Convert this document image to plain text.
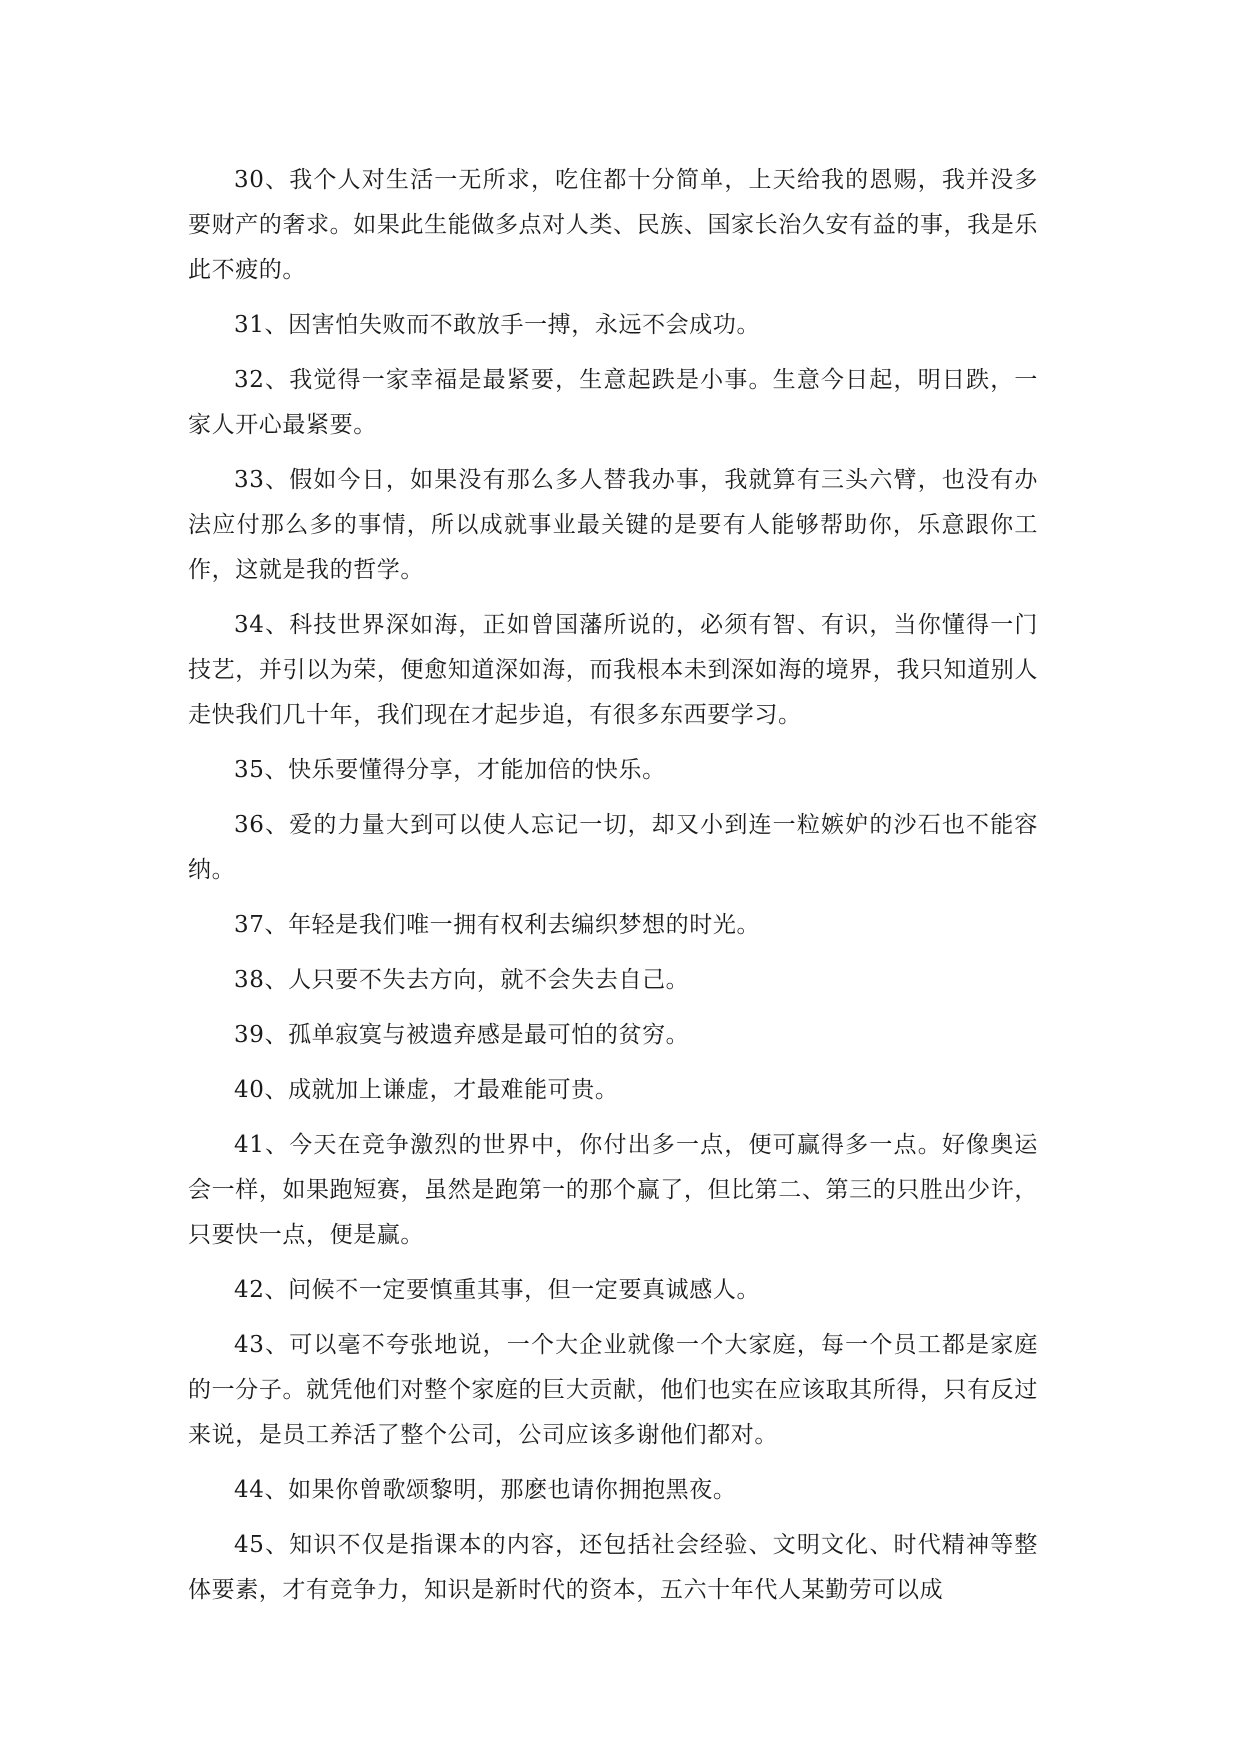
30、我个人对生活一无所求，吃住都十分简单，上天给我的恩赐，我并没多要财产的奢求。如果此生能做多点对人类、民族、国家长治久安有益的事，我是乐此不疲的。

31、因害怕失败而不敢放手一搏，永远不会成功。

32、我觉得一家幸福是最紧要，生意起跌是小事。生意今日起，明日跌，一家人开心最紧要。

33、假如今日，如果没有那么多人替我办事，我就算有三头六臂，也没有办法应付那么多的事情，所以成就事业最关键的是要有人能够帮助你，乐意跟你工作，这就是我的哲学。

34、科技世界深如海，正如曾国藩所说的，必须有智、有识，当你懂得一门技艺，并引以为荣，便愈知道深如海，而我根本未到深如海的境界，我只知道别人走快我们几十年，我们现在才起步追，有很多东西要学习。

35、快乐要懂得分享，才能加倍的快乐。

36、爱的力量大到可以使人忘记一切，却又小到连一粒嫉妒的沙石也不能容纳。

37、年轻是我们唯一拥有权利去编织梦想的时光。

38、人只要不失去方向，就不会失去自己。

39、孤单寂寞与被遗弃感是最可怕的贫穷。

40、成就加上谦虚，才最难能可贵。

41、今天在竞争激烈的世界中，你付出多一点，便可赢得多一点。好像奥运会一样，如果跑短赛，虽然是跑第一的那个赢了，但比第二、第三的只胜出少许，只要快一点，便是赢。

42、问候不一定要慎重其事，但一定要真诚感人。

43、可以毫不夸张地说，一个大企业就像一个大家庭，每一个员工都是家庭的一分子。就凭他们对整个家庭的巨大贡献，他们也实在应该取其所得，只有反过来说，是员工养活了整个公司，公司应该多谢他们都对。

44、如果你曾歌颂黎明，那麽也请你拥抱黑夜。

45、知识不仅是指课本的内容，还包括社会经验、文明文化、时代精神等整体要素，才有竞争力，知识是新时代的资本，五六十年代人某勤劳可以成
